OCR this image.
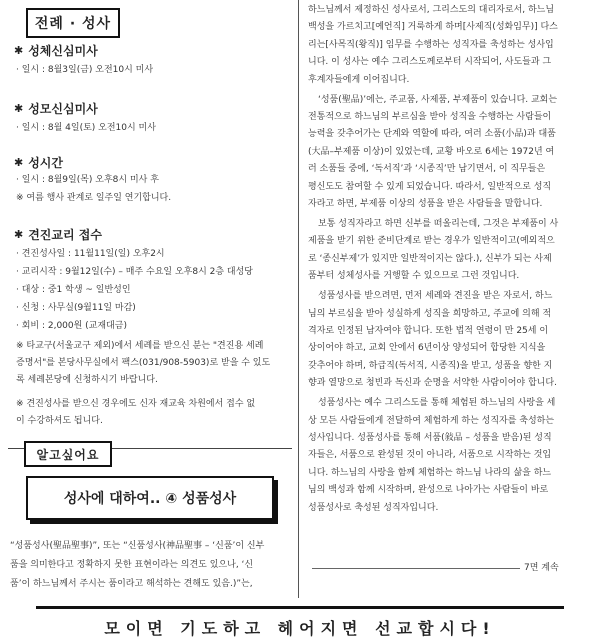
전례 · 성사
✱ 성체신심미사
· 일시 : 8월3일(금) 오전10시 미사
✱ 성모신심미사
· 일시 : 8월 4일(토) 오전10시 미사
✱ 성시간
· 일시 : 8월9일(목) 오후8시 미사 후
※ 여름 행사 관계로 일주일 연기합니다.
✱ 견진교리 접수
· 견진성사일 : 11월11일(일) 오후2시
· 교리시작 : 9월12일(수) – 매주 수요일 오후8시 2층 대성당
· 대상 : 중1 학생 ~ 일반성인
· 신청 : 사무실(9월11일 마감)
· 회비 : 2,000원 (교재대금)
※ 타교구(서울교구 제외)에서 세례를 받으신 분는 "견진용 세례
증명서"를 본당사무실에서 팩스(031/908-5903)로 받을 수 있도
록 세례본당에 신청하시기 바랍니다.
※ 견진성사를 받으신 경우에도 신자 재교육 차원에서 접수 없
이 수강하셔도 됩니다.
알고싶어요
성사에 대하여.. ④ 성품성사
“성품성사(聖品聖事)”, 또는 “신품성사(神品聖事 – ‘신품’이 신부
품을 의미한다고 정확하지 못한 표현이라는 의견도 있으나, ‘신
품’이 하느님께서 주시는 품이라고 해석하는 견해도 있음.)”는,
하느님께서 제정하신 성사로서, 그리스도의 대리자로서, 하느님
백성을 가르치고[예언직] 거룩하게 하며[사제직(성화임무)] 다스
리는[사목직(왕직)] 임무를 수행하는 성직자를 축성하는 성사입
니다. 이 성사는 예수 그리스도께로부터 시작되어, 사도들과 그
후계자들에게 이어집니다.
‘성품(聖品)’에는, 주교품, 사제품, 부제품이 있습니다. 교회는
전통적으로 하느님의 부르심을 받아 성직을 수행하는 사람들이
능력을 갖추어가는 단계와 역할에 따라, 여러 소품(小品)과 대품
(大品–부제품 이상)이 있었는데, 교황 바오로 6세는 1972년 여
러 소품들 중에, ‘독서직’과 ‘시종직’만 남기면서, 이 직무들은
평신도도 참여할 수 있게 되었습니다. 따라서, 일반적으로 성직
자라고 하면, 부제품 이상의 성품을 받은 사람들을 말합니다.
보통 성직자라고 하면 신부를 떠올리는데, 그것은 부제품이 사
제품을 받기 위한 준비단계로 받는 경우가 일반적이고(예외적으
로 ‘종신부제’가 있지만 일반적이지는 않다.), 신부가 되는 사제
품부터 성체성사를 거행할 수 있으므로 그런 것입니다.
성품성사를 받으려면, 먼저 세례와 견진을 받은 자로서, 하느
님의 부르심을 받아 성실하게 성직을 희망하고, 주교에 의해 적
격자로 인정된 남자여야 합니다. 또한 법적 연령이 만 25세 이
상이어야 하고, 교회 안에서 6년이상 양성되어 합당한 지식을
갖추어야 하며, 하급직(독서직, 시종직)을 받고, 성품을 향한 지
향과 열망으로 청빈과 독신과 순명을 서약한 사람이어야 합니다.
성품성사는 예수 그리스도를 통해 체험된 하느님의 사랑을 세
상 모든 사람들에게 전달하여 체험하게 하는 성직자를 축성하는
성사입니다. 성품성사를 통해 서품(敍品 – 성품을 받음)된 성직
자들은, 서품으로 완성된 것이 아니라, 서품으로 시작하는 것입
니다. 하느님의 사랑을 함께 체험하는 하느님 나라의 삶을 하느
님의 백성과 함께 시작하며, 완성으로 나아가는 사람들이 바로
성품성사로 축성된 성직자입니다.
7면 계속
모이면 기도하고 헤어지면 선교합시다!
